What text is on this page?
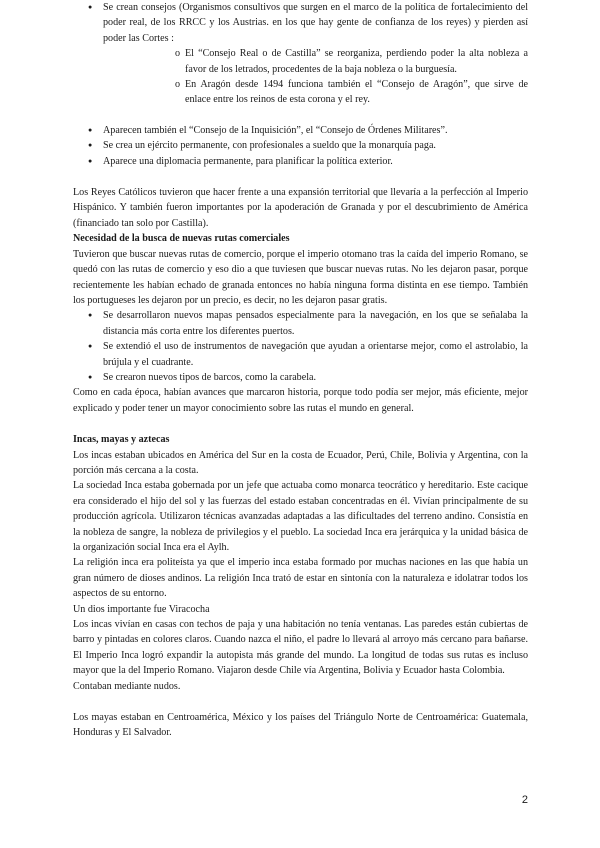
● Se crean consejos (Organismos consultivos que surgen en el marco de la política de fortalecimiento del poder real, de los RRCC y los Austrias. en los que hay gente de confianza de los reyes) y pierden así poder las Cortes :
o El “Consejo Real o de Castilla” se reorganiza, perdiendo poder la alta nobleza a favor de los letrados, procedentes de la baja nobleza o la burguesía.
o En Aragón desde 1494 funciona también el “Consejo de Aragón”, que sirve de enlace entre los reinos de esta corona y el rey.
● Aparecen también el “Consejo de la Inquisición”, el “Consejo de Órdenes Militares”.
● Se crea un ejército permanente, con profesionales a sueldo que la monarquía paga.
● Aparece una diplomacia permanente, para planificar la política exterior.

Los Reyes Católicos tuvieron que hacer frente a una expansión territorial que llevaría a la perfección al Imperio Hispánico. Y también fueron importantes por la apoderación de Granada y por el descubrimiento de América (financiado tan solo por Castilla).

Necesidad de la busca de nuevas rutas comerciales

Tuvieron que buscar nuevas rutas de comercio, porque el imperio otomano tras la caída del imperio Romano, se quedó con las rutas de comercio y eso dio a que tuviesen que buscar nuevas rutas. No les dejaron pasar, porque recientemente les habían echado de granada entonces no había ninguna forma distinta en ese tiempo. También los portugueses les dejaron por un precio, es decir, no les dejaron pasar gratis.

● Se desarrollaron nuevos mapas pensados especialmente para la navegación, en los que se señalaba la distancia más corta entre los diferentes puertos.
● Se extendió el uso de instrumentos de navegación que ayudan a orientarse mejor, como el astrolabio, la brújula y el cuadrante.
● Se crearon nuevos tipos de barcos, como la carabela.

Como en cada época, habían avances que marcaron historia, porque todo podía ser mejor, más eficiente, mejor explicado y poder tener un mayor conocimiento sobre las rutas el mundo en general.

Incas, mayas y aztecas

Los incas estaban ubicados en América del Sur en la costa de Ecuador, Perú, Chile, Bolivia y Argentina, con la porción más cercana a la costa.

La sociedad Inca estaba gobernada por un jefe que actuaba como monarca teocrático y hereditario. Este cacique era considerado el hijo del sol y las fuerzas del estado estaban concentradas en él. Vivían principalmente de su producción agrícola. Utilizaron técnicas avanzadas adaptadas a las dificultades del terreno andino. Consistía en la nobleza de sangre, la nobleza de privilegios y el pueblo. La sociedad Inca era jerárquica y la unidad básica de la organización social Inca era el Aylh.

La religión inca era politeísta ya que el imperio inca estaba formado por muchas naciones en las que había un gran número de dioses andinos. La religión Inca trató de estar en sintonía con la naturaleza e idolatrar todos los aspectos de su entorno.

Un dios importante fue Viracocha

Los incas vivían en casas con techos de paja y una habitación no tenía ventanas. Las paredes están cubiertas de barro y pintadas en colores claros. Cuando nazca el niño, el padre lo llevará al arroyo más cercano para bañarse. El Imperio Inca logró expandir la autopista más grande del mundo. La longitud de todas sus rutas es incluso mayor que la del Imperio Romano. Viajaron desde Chile vía Argentina, Bolivia y Ecuador hasta Colombia.

Contaban mediante nudos.

Los mayas estaban en Centroamérica, México y los países del Triángulo Norte de Centroamérica: Guatemala, Honduras y El Salvador.

2
